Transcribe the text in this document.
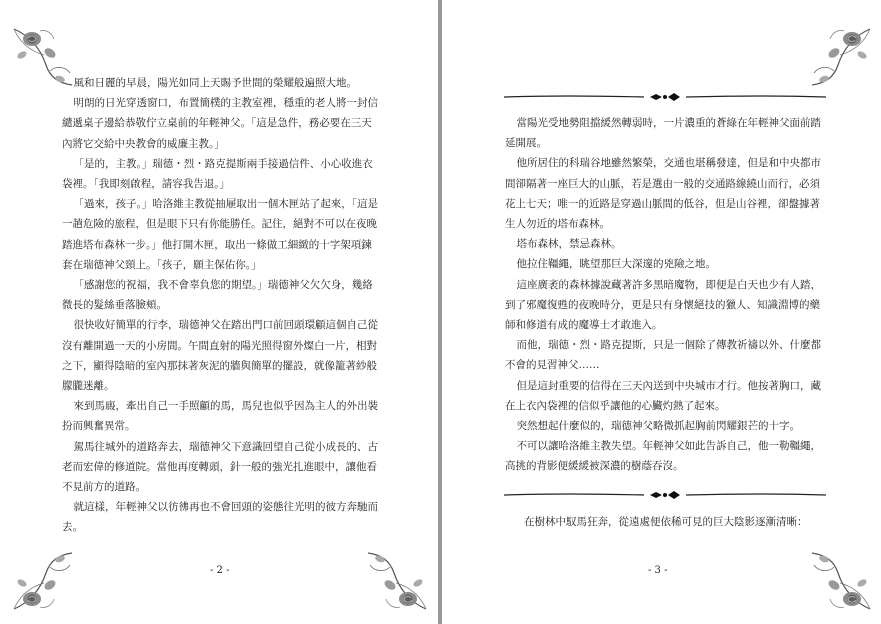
風和日麗的早晨，陽光如同上天賜予世間的榮耀般遍照大地。

明朗的日光穿透窗口，布置簡樸的主教室裡，穩重的老人將一封信繾遞桌子邊給恭敬佇立桌前的年輕神父。「這是急件，務必要在三天內將它交給中央教會的威廉主教。」

「是的，主教。」瑞德・烈・路克提斯兩手接過信件、小心收進衣袋裡。「我即刻啟程，請容我告退。」

「過來，孩子。」哈洛維主教從抽屜取出一個木匣站了起來，「這是一趟危險的旅程，但是眼下只有你能勝任。記住，絕對不可以在夜晚踏進塔布森林一步。」他打開木匣，取出一條做工細緻的十字架項鍊套在瑞德神父頸上。「孩子，願主保佑你。」

「感謝您的祝福，我不會辜負您的期望。」瑞德神父欠欠身，幾絡微長的髮絲垂落臉頰。

很快收好簡單的行李，瑞德神父在踏出門口前回頭環顧這個自己從沒有離開過一天的小房間。午間直射的陽光照得窗外燦白一片，相對之下，顯得陰暗的室內那抹著灰泥的牆與簡單的擺設，就像籠著紗般朦朧迷離。

來到馬廄，牽出自己一手照顧的馬，馬兒也似乎因為主人的外出裝扮而興奮異常。

駕馬往城外的道路奔去，瑞德神父下意識回望自己從小成長的、古老而宏偉的修道院。當他再度轉頭，針一般的強光扎進眼中，讓他看不見前方的道路。

就這樣，年輕神父以彷彿再也不會回頭的姿態往光明的彼方奔馳而去。

- 2 -

當陽光受地勢阻擋緩然轉弱時，一片濃重的蒼綠在年輕神父面前踏延開展。

他所居住的科瑞谷地雖然繁榮，交通也堪稱發達，但是和中央都市間卻隔著一座巨大的山脈，若是選由一般的交通路線繞山而行，必須花上七天；唯一的近路是穿過山脈間的低谷，但是山谷裡，卻盤據著生人勿近的塔布森林。

塔布森林，禁忌森林。

他拉住韁繩，眺望那巨大深邃的兇險之地。

這座廣袤的森林據說藏著許多黑暗魔物，即便是白天也少有人踏，到了邪魔復甦的夜晚時分，更是只有身懷絕技的獵人、知識淵博的藥師和修道有成的魔導士才敢進入。

而他，瑞德・烈・路克提斯，只是一個除了傳教祈禱以外、什麼都不會的見習神父……

但是這封重要的信得在三天內送到中央城市才行。他按著胸口，藏在上衣內袋裡的信似乎讓他的心臟灼熱了起來。

突然想起什麼似的，瑞德神父略微抓起胸前閃耀銀芒的十字。

不可以讓哈洛維主教失望。年輕神父如此告訴自己，他一勒韁繩，高挑的背影便緩緩被深濃的樹蔭吞沒。

在樹林中馭馬狂奔，從遠處便依稀可見的巨大陰影逐漸清晰：
- 3 -
